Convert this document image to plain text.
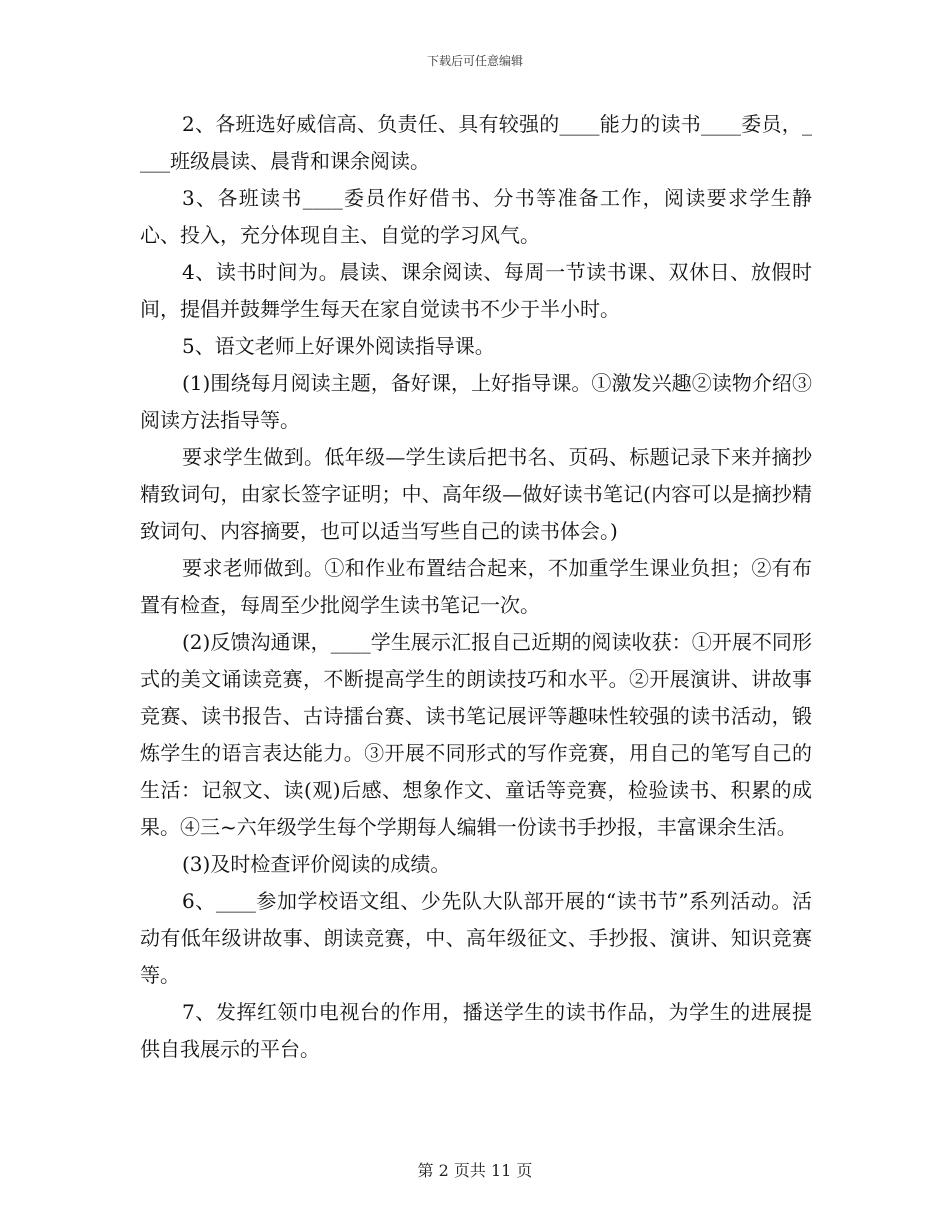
下载后可任意编辑

2、各班选好威信高、负责任、具有较强的____能力的读书____委员，____班级晨读、晨背和课余阅读。

3、各班读书____委员作好借书、分书等准备工作，阅读要求学生静心、投入，充分体现自主、自觉的学习风气。

4、读书时间为。晨读、课余阅读、每周一节读书课、双休日、放假时间，提倡并鼓舞学生每天在家自觉读书不少于半小时。

5、语文老师上好课外阅读指导课。

(1)围绕每月阅读主题，备好课，上好指导课。①激发兴趣②读物介绍③阅读方法指导等。

要求学生做到。低年级—学生读后把书名、页码、标题记录下来并摘抄精致词句，由家长签字证明；中、高年级—做好读书笔记(内容可以是摘抄精致词句、内容摘要，也可以适当写些自己的读书体会。)

要求老师做到。①和作业布置结合起来，不加重学生课业负担；②有布置有检查，每周至少批阅学生读书笔记一次。

(2)反馈沟通课，____学生展示汇报自己近期的阅读收获：①开展不同形式的美文诵读竞赛，不断提高学生的朗读技巧和水平。②开展演讲、讲故事竞赛、读书报告、古诗擂台赛、读书笔记展评等趣味性较强的读书活动，锻炼学生的语言表达能力。③开展不同形式的写作竞赛，用自己的笔写自己的生活：记叙文、读(观)后感、想象作文、童话等竞赛，检验读书、积累的成果。④三~六年级学生每个学期每人编辑一份读书手抄报，丰富课余生活。

(3)及时检查评价阅读的成绩。

6、____参加学校语文组、少先队大队部开展的“读书节”系列活动。活动有低年级讲故事、朗读竞赛，中、高年级征文、手抄报、演讲、知识竞赛等。

7、发挥红领巾电视台的作用，播送学生的读书作品，为学生的进展提供自我展示的平台。

第 2 页共 11 页
